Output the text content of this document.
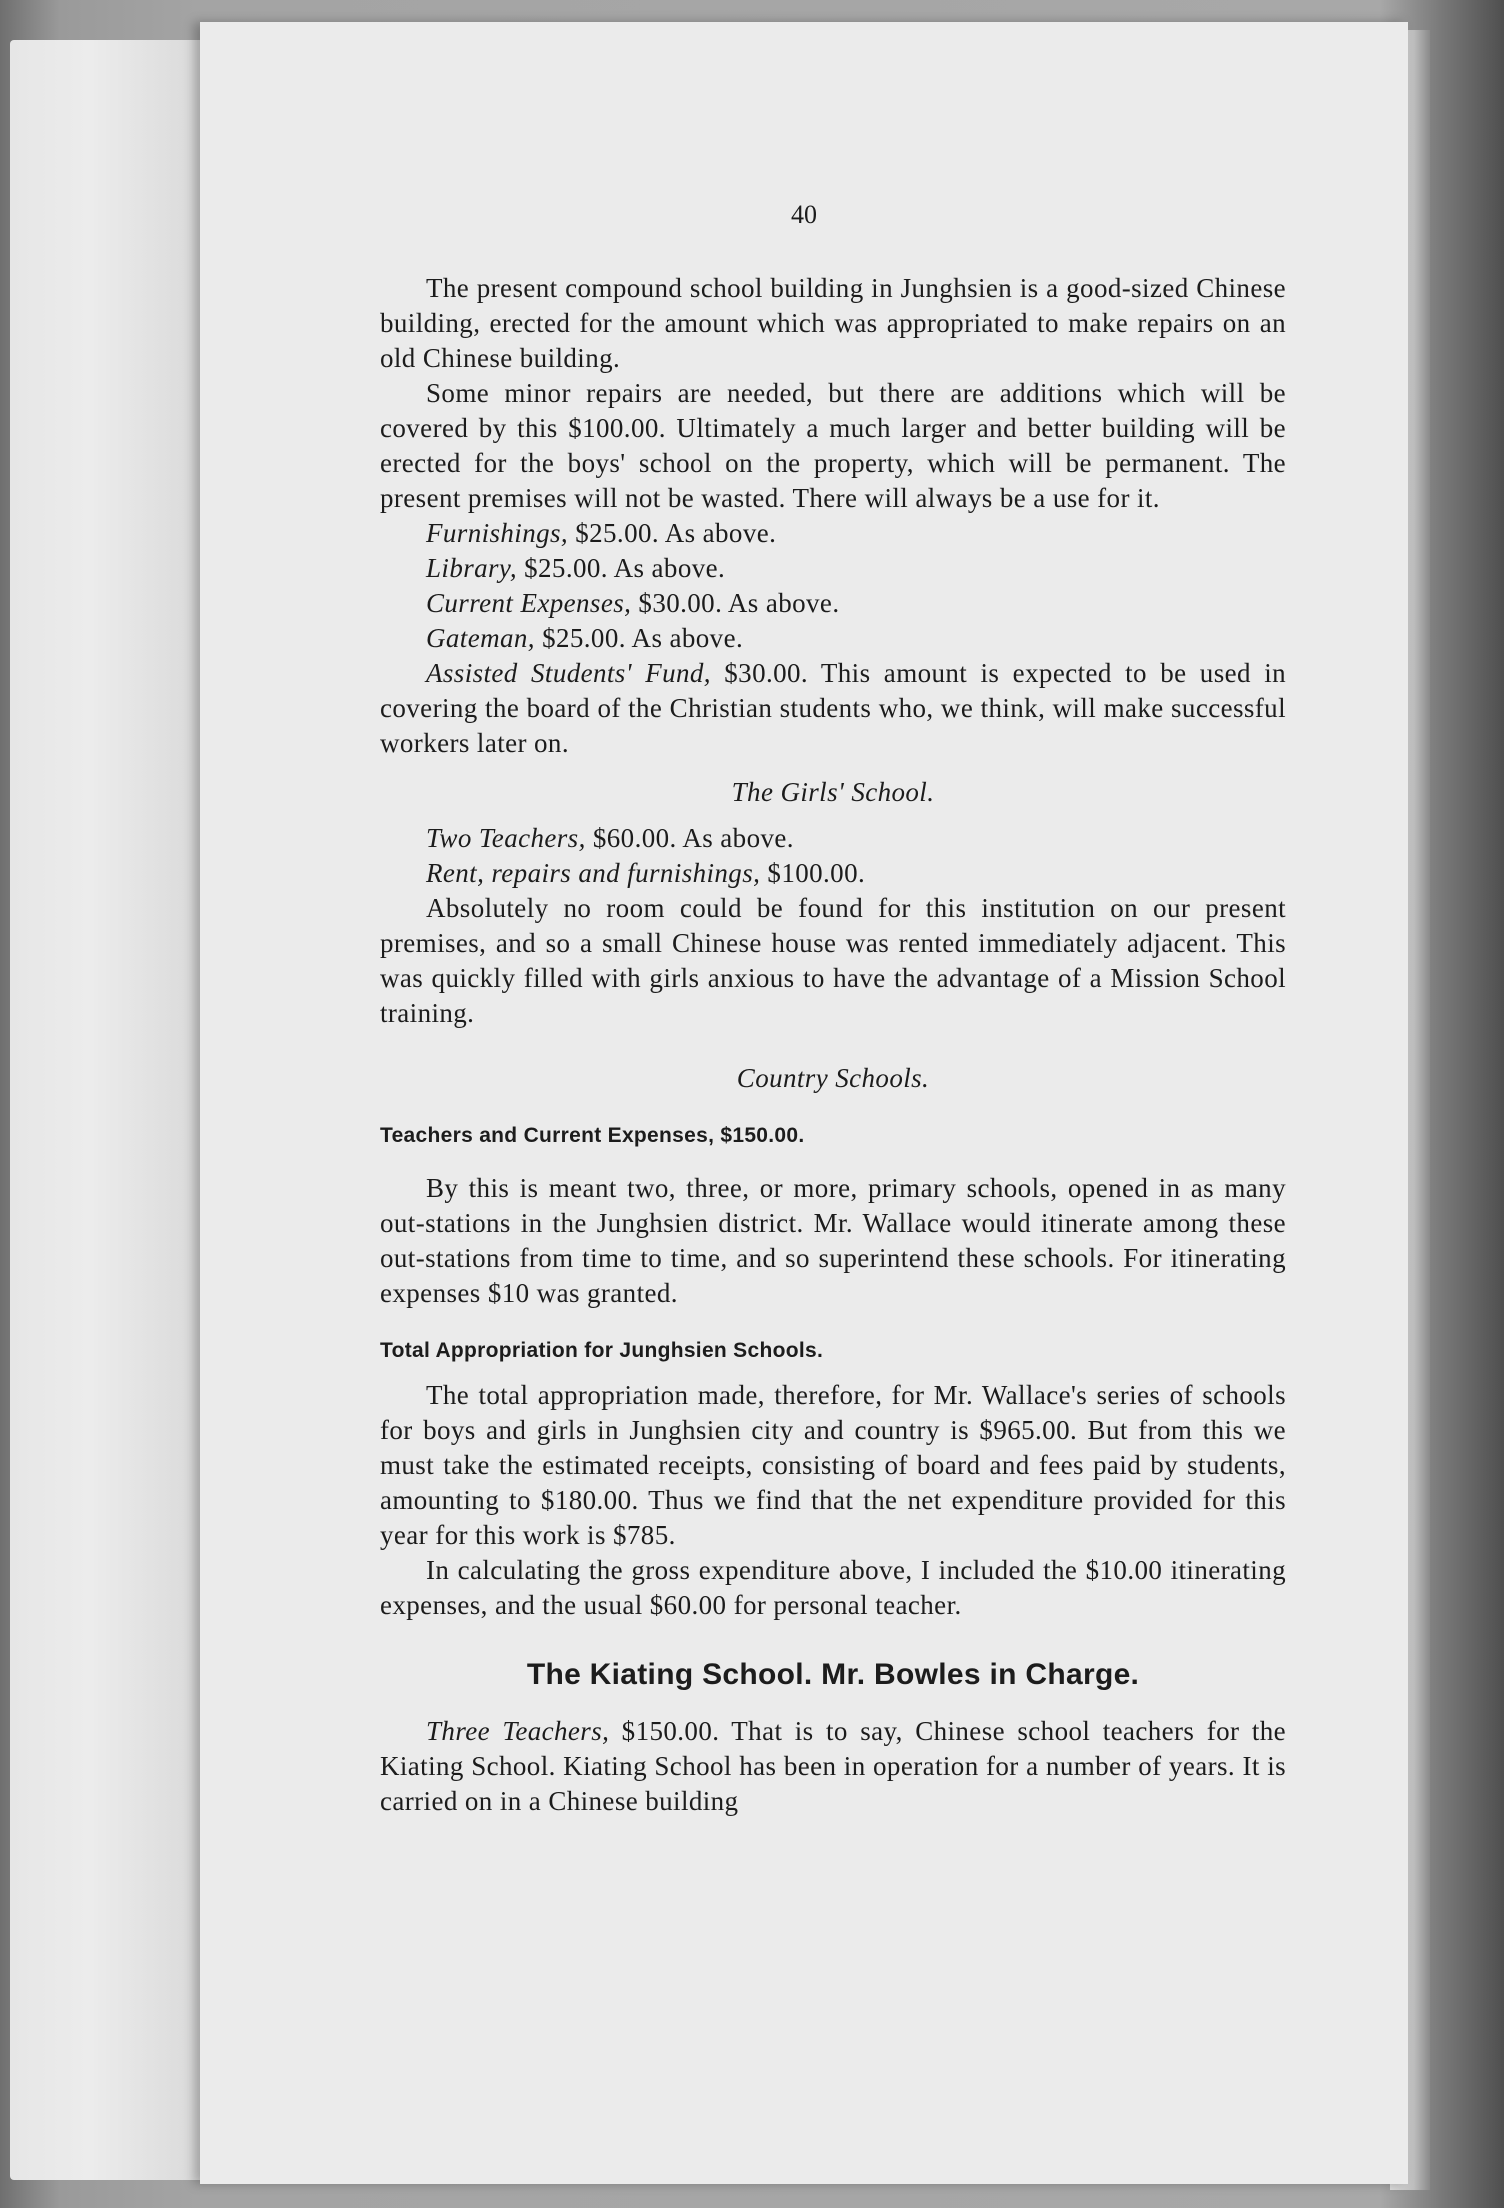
40

The present compound school building in Junghsien is a good-sized Chinese building, erected for the amount which was appropriated to make repairs on an old Chinese building.

Some minor repairs are needed, but there are additions which will be covered by this $100.00. Ultimately a much larger and better building will be erected for the boys' school on the property, which will be permanent. The present premises will not be wasted. There will always be a use for it.

Furnishings, $25.00. As above.

Library, $25.00. As above.

Current Expenses, $30.00. As above.

Gateman, $25.00. As above.

Assisted Students' Fund, $30.00. This amount is expected to be used in covering the board of the Christian students who, we think, will make successful workers later on.

The Girls' School.

Two Teachers, $60.00. As above.

Rent, repairs and furnishings, $100.00.

Absolutely no room could be found for this institution on our present premises, and so a small Chinese house was rented immediately adjacent. This was quickly filled with girls anxious to have the advantage of a Mission School training.

Country Schools.

Teachers and Current Expenses, $150.00.

By this is meant two, three, or more, primary schools, opened in as many out-stations in the Junghsien district. Mr. Wallace would itinerate among these out-stations from time to time, and so superintend these schools. For itinerating expenses $10 was granted.

Total Appropriation for Junghsien Schools.

The total appropriation made, therefore, for Mr. Wallace's series of schools for boys and girls in Junghsien city and country is $965.00. But from this we must take the estimated receipts, consisting of board and fees paid by students, amounting to $180.00. Thus we find that the net expenditure provided for this year for this work is $785.

In calculating the gross expenditure above, I included the $10.00 itinerating expenses, and the usual $60.00 for personal teacher.

The Kiating School. Mr. Bowles in Charge.

Three Teachers, $150.00. That is to say, Chinese school teachers for the Kiating School. Kiating School has been in operation for a number of years. It is carried on in a Chinese building
